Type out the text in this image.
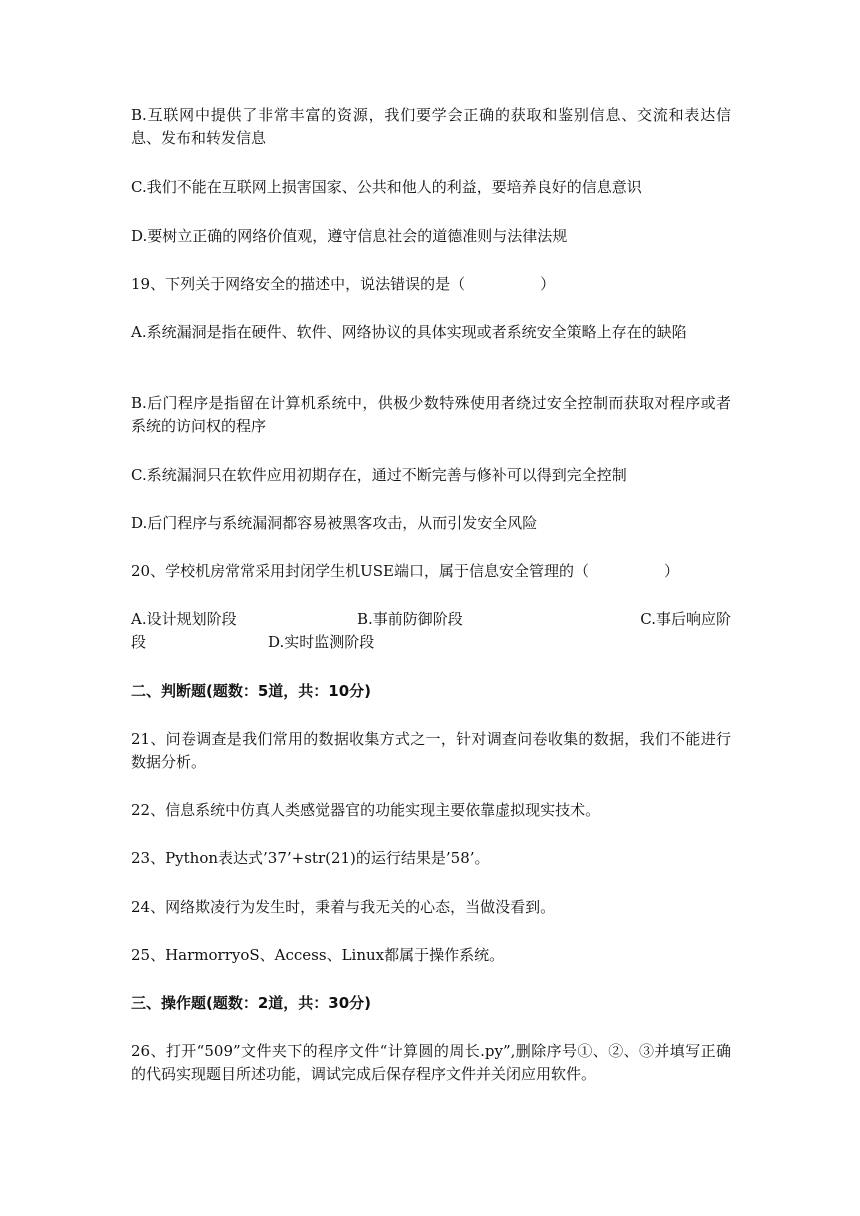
B.互联网中提供了非常丰富的资源，我们要学会正确的获取和鉴别信息、交流和表达信息、发布和转发信息

C.我们不能在互联网上损害国家、公共和他人的利益，要培养良好的信息意识

D.要树立正确的网络价值观，遵守信息社会的道德准则与法律法规

19、下列关于网络安全的描述中，说法错误的是（　　　　　）

A.系统漏洞是指在硬件、软件、网络协议的具体实现或者系统安全策略上存在的缺陷

B.后门程序是指留在计算机系统中，供极少数特殊使用者绕过安全控制而获取对程序或者系统的访问权的程序

C.系统漏洞只在软件应用初期存在，通过不断完善与修补可以得到完全控制

D.后门程序与系统漏洞都容易被黑客攻击，从而引发安全风险

20、学校机房常常采用封闭学生机USE端口，属于信息安全管理的（　　　　　）

A.设计规划阶段	B.事前防御阶段	C.事后响应阶
段	D.实时监测阶段

二、判断题(题数：5道，共：10分)

21、问卷调查是我们常用的数据收集方式之一，针对调查问卷收集的数据，我们不能进行数据分析。

22、信息系统中仿真人类感觉器官的功能实现主要依靠虚拟现实技术。

23、Python表达式’37’+str(21)的运行结果是’58’。

24、网络欺凌行为发生时，秉着与我无关的心态，当做没看到。

25、HarmorryoS、Access、Linux都属于操作系统。

三、操作题(题数：2道，共：30分)

26、打开“509”文件夹下的程序文件“计算圆的周长.py”,删除序号①、②、③并填写正确的代码实现题目所述功能，调试完成后保存程序文件并关闭应用软件。
